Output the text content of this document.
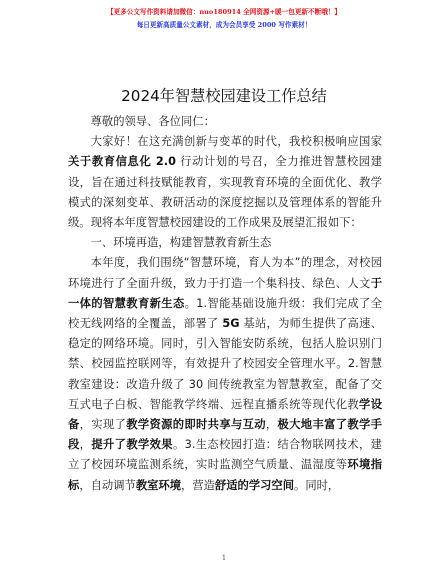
【更多公文写作资料请加微信：nuo180914 全网资源+暖一包更新不断哦！】
每日更新高质量公文素材，成为会员享受 2000 写作素材！
2024年智慧校园建设工作总结

尊敬的领导、各位同仁：

大家好！在这充满创新与变革的时代，我校积极响应国家关于教育信息化 2.0 行动计划的号召，全力推进智慧校园建设，旨在通过科技赋能教育，实现教育环境的全面优化、教学模式的深刻变革、教研活动的深度挖掘以及管理体系的智能升级。现将本年度智慧校园建设的工作成果及展望汇报如下：

一、环境再造，构建智慧教育新生态

本年度，我们围绕“智慧环境，育人为本”的理念，对校园环境进行了全面升级，致力于打造一个集科技、绿色、人文于一体的智慧教育新生态。1.智能基础设施升级：我们完成了全校无线网络的全覆盖，部署了 5G 基站，为师生提供了高速、稳定的网络环境。同时，引入智能安防系统，包括人脸识别门禁、校园监控联网等，有效提升了校园安全管理水平。2.智慧教室建设：改造升级了 30 间传统教室为智慧教室，配备了交互式电子白板、智能教学终端、远程直播系统等现代化教学设备，实现了教学资源的即时共享与互动，极大地丰富了教学手段，提升了教学效果。3.生态校园打造：结合物联网技术，建立了校园环境监测系统，实时监测空气质量、温湿度等环境指标，自动调节教室环境，营造舒适的学习空间。同时，

1
